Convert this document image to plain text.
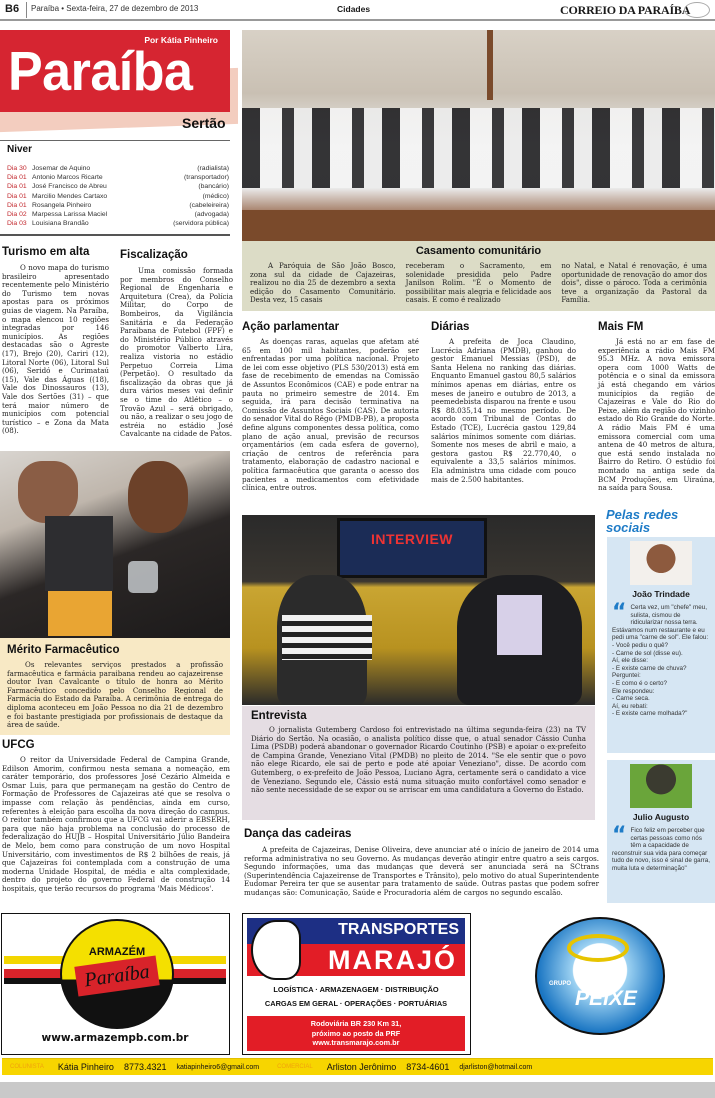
B6 Paraíba • Sexta-feira, 27 de dezembro de 2013	Cidades	CORREIO DA PARAÍBA
Por Kátia Pinheiro
Paraíba
Sertão
Niver
Dia 30 Josemar de Aquino	(radialista)
Dia 01 Antonio Marcos Ricarte	(transportador)
Dia 01 José Francisco de Abreu	(bancário)
Dia 01 Marcilio Mendes Cartaxo	(médico)
Dia 01 Rosangela Pinheiro	(cabeleireira)
Dia 02 Marpessa Larissa Maciel	(advogada)
Dia 03 Louisiana Brandão	(servidora pública)
Turismo em alta

O novo mapa do turismo brasileiro apresentado recentemente pelo Ministério do Turismo tem novas apostas para os próximos guias de viagem. Na Paraíba, o mapa elencou 10 regiões integradas por 146 municípios. As regiões destacadas são o Agreste (17), Brejo (20), Cariri (12), Litoral Norte (06), Litoral Sul (06), Seridó e Curimataú (15), Vale das Águas ((18), Vale dos Dinossauros (13), Vale dos Sertões (31) – que terá maior número de municípios com potencial turístico – e Zona da Mata (08).

Fiscalização

Uma comissão formada por membros do Conselho Regional de Engenharia e Arquitetura (Crea), da Polícia Militar, do Corpo de Bombeiros, da Vigilância Sanitária e da Federação Paraibana de Futebol (FPF) e do Ministério Público através do promotor Valberto Lira, realiza vistoria no estádio Perpetuo Correia Lima (Perpetão). O resultado da fiscalização da obras que já dura vários meses vai definir se o time do Atlético – o Trovão Azul – será obrigado, ou não, a realizar o seu jogo de estréia no estádio José Cavalcante na cidade de Patos.

Mérito Farmacêutico

Os relevantes serviços prestados a profissão farmacêutica e farmácia paraibana rendeu ao cajazeirense doutor Ivan Cavalcante o título de honra ao Mérito Farmacêutico concedido pelo Conselho Regional de Farmácia do Estado da Paraíba. A cerimônia de entrega do diploma aconteceu em João Pessoa no dia 21 de dezembro e foi bastante prestigiada por profissionais de destaque da área de saúde.

UFCG

O reitor da Universidade Federal de Campina Grande, Edilson Amorim, confirmou nesta semana a nomeação, em caráter temporário, dos professores José Cezário Almeida e Osmar Luis, para que permaneçam na gestão do Centro de Formação de Professores de Cajazeiras até que se resolva o impasse com relação às pendências, ainda em curso, referentes à eleição para escolha da nova direção do campus. O reitor também confirmou que a UFCG vai aderir a EBSERH, para que não haja problema na conclusão do processo de federalização do HUJB – Hospital Universitário Júlio Bandeira de Melo, bem como para construção de um novo Hospital Universitário, com investimentos de R$ 2 bilhões de reais, já que Cajazeiras foi contemplada com a construção de uma moderna Unidade Hospital, de média e alta complexidade, dentro do projeto do governo Federal de construção 14 hospitais, que terão recursos do programa 'Mais Médicos'.

Casamento comunitário

A Paróquia de São João Bosco, zona sul da cidade de Cajazeiras, realizou no dia 25 de dezembro a sexta edição do Casamento Comunitário. Desta vez, 15 casais

receberam o Sacramento, em solenidade presidida pelo Padre Janilson Rolim. "É o Momento de possibilitar mais alegria e felicidade aos casais. E como é realizado

no Natal, e Natal é renovação, é uma oportunidade de renovação do amor dos dois", disse o pároco. Toda a cerimônia teve a organização da Pastoral da Família.

Ação parlamentar

As doenças raras, aquelas que afetam até 65 em 100 mil habitantes, poderão ser enfrentadas por uma política nacional. Projeto de lei com esse objetivo (PLS 530/2013) está em fase de recebimento de emendas na Comissão de Assuntos Econômicos (CAE) e pode entrar na pauta no primeiro semestre de 2014. Em seguida, irá para decisão terminativa na Comissão de Assuntos Sociais (CAS). De autoria do senador Vital do Rêgo (PMDB-PB), a proposta define alguns componentes dessa política, como plano de ação anual, previsão de recursos orçamentários (em cada esfera de governo), criação de centros de referência para tratamento, elaboração de cadastro nacional e política farmacêutica que garanta o acesso dos pacientes a medicamentos com efetividade clínica, entre outros.

Diárias

A prefeita de Joca Claudino, Lucrécia Adriana (PMDB), ganhou do gestor Emanuel Messias (PSD), de Santa Helena no ranking das diárias. Enquanto Emanuel gastou 80,5 salários mínimos apenas em diárias, entre os meses de janeiro e outubro de 2013, a peemedebista disparou na frente e usou R$ 88.035,14 no mesmo período. De acordo com Tribunal de Contas do Estado (TCE), Lucrécia gastou 129,84 salários mínimos somente com diárias. Somente nos meses de abril e maio, a gestora gastou R$ 22.770,40, o equivalente a 33,5 salários mínimos. Ela administra uma cidade com pouco mais de 2.500 habitantes.

Mais FM

Já está no ar em fase de experiência a rádio Mais FM 95.3 MHz. A nova emissora opera com 1000 Watts de potência e o sinal da emissora já está chegando em vários municípios da região de Cajazeiras e Vale do Rio do Peixe, além da região do vizinho estado do Rio Grande do Norte. A rádio Mais FM é uma emissora comercial com uma antena de 40 metros de altura, que está sendo instalada no Bairro do Retiro. O estúdio foi montado na antiga sede da BCM Produções, em Uiraúna, na saída para Sousa.

INTERVIEW
Entrevista

O jornalista Gutemberg Cardoso foi entrevistado na última segunda-feira (23) na TV Diário do Sertão. Na ocasião, o analista político disse que, o atual senador Cássio Cunha Lima (PSDB) poderá abandonar o governador Ricardo Coutinho (PSB) e apoiar o ex-prefeito de Campina Grande, Veneziano Vital (PMDB) no pleito de 2014. "Se ele sentir que o povo não elege Ricardo, ele sai de perto e pode até apoiar Veneziano", disse. De acordo com Gutemberg, o ex-prefeito de João Pessoa, Luciano Agra, certamente será o candidato a vice de Veneziano. Segundo ele, Cássio está numa situação muito confortável como senador e não sente necessidade de se expor ou se arriscar em uma candidatura a Governo do Estado.

Dança das cadeiras

A prefeita de Cajazeiras, Denise Oliveira, deve anunciar até o início de janeiro de 2014 uma reforma administrativa no seu Governo. As mudanças deverão atingir entre quatro a seis cargos. Segundo informações, uma das mudanças que deverá ser anunciada será na SCtrans (Superintendência Cajazeirense de Transportes e Trânsito), pelo motivo do atual Superintendente Eudomar Pereira ter que se ausentar para tratamento de saúde. Outras pastas que podem sofrer mudanças são: Comunicação, Saúde e Procuradoria além de cargos no segundo escalão.

Pelas redes sociais
João Trindade
“ Certa vez, um "chefe" meu, sulista, cismou de ridicularizar nossa terra. Estávamos num restaurante e eu pedi uma "carne de sol". Ele falou:
- Você pediu o quê?
- Carne de sol (disse eu).
Aí, ele disse:
- E existe carne de chuva?
Perguntei:
- E como é o certo?
Ele respondeu:
- Carne seca.
Aí, eu rebati:
- E existe carne molhada?"
Julio Augusto
“ Fico feliz em perceber que certas pessoas como nós têm a capacidade de reconstruir sua vida para começar tudo de novo, isso é sinal de garra, muita luta e determinação"
ARMAZÉM
Paraíba
www.armazempb.com.br
TRANSPORTES
MARAJÓ
LOGÍSTICA · ARMAZENAGEM · DISTRIBUIÇÃO
CARGAS EM GERAL · OPERAÇÕES · PORTUÁRIAS
Rodoviária BR 230 Km 31,
próximo ao posto da PRF
www.transmarajo.com.br
GRUPO RIO
PEIXE
COLUNISTA Kátia Pinheiro 8773.4321 katiapinheiro6@gmail.com	COMERCIAL Arliston Jerônimo 8734-4601 djarliston@hotmail.com
